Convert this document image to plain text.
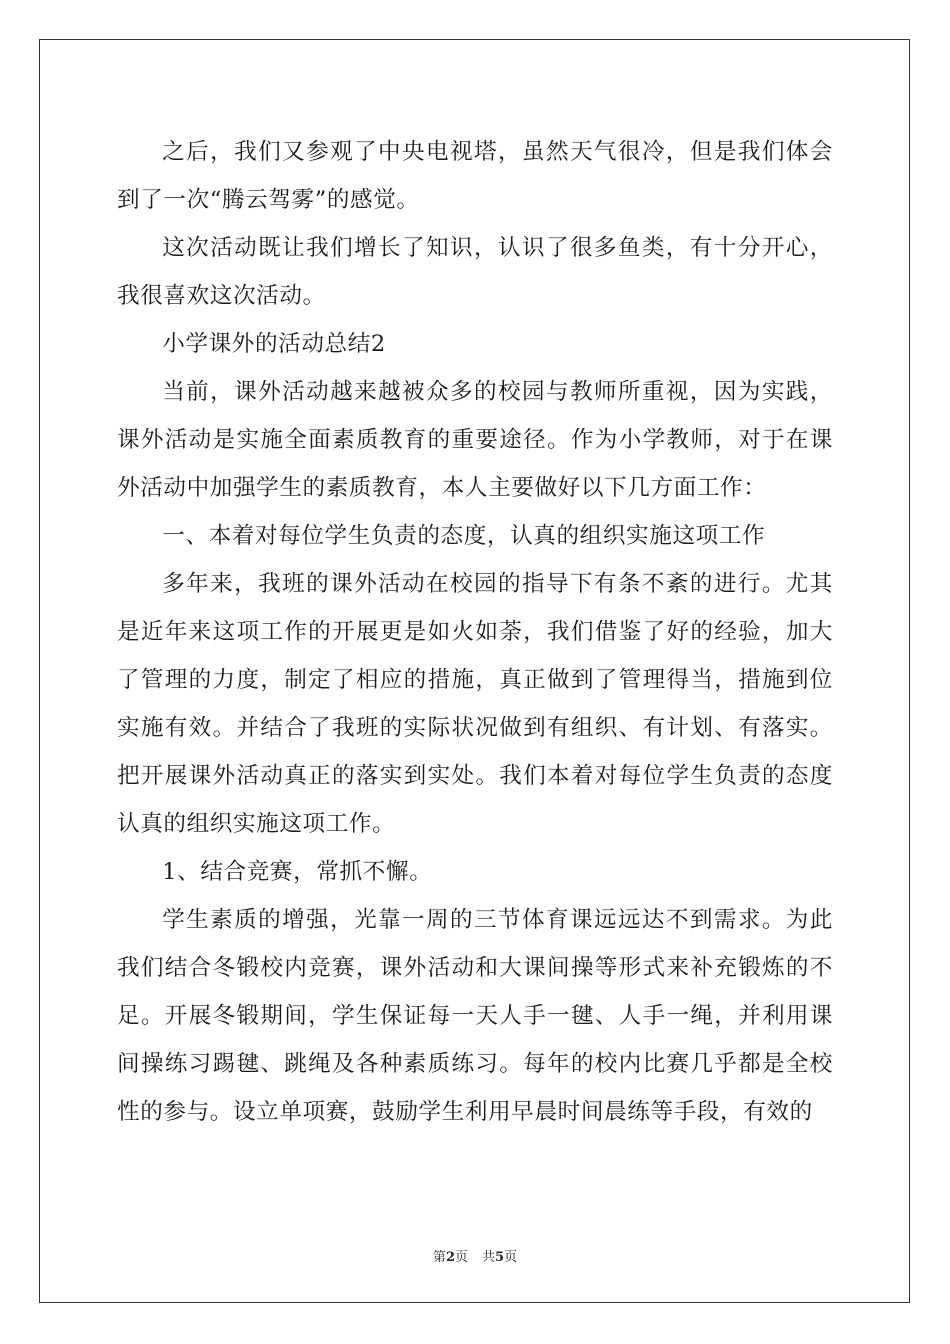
之后，我们又参观了中央电视塔，虽然天气很冷，但是我们体会到了一次“腾云驾雾”的感觉。

这次活动既让我们增长了知识，认识了很多鱼类，有十分开心，我很喜欢这次活动。

小学课外的活动总结2

当前，课外活动越来越被众多的校园与教师所重视，因为实践，课外活动是实施全面素质教育的重要途径。作为小学教师，对于在课外活动中加强学生的素质教育，本人主要做好以下几方面工作：

一、本着对每位学生负责的态度，认真的组织实施这项工作

多年来，我班的课外活动在校园的指导下有条不紊的进行。尤其是近年来这项工作的开展更是如火如荼，我们借鉴了好的经验，加大了管理的力度，制定了相应的措施，真正做到了管理得当，措施到位实施有效。并结合了我班的实际状况做到有组织、有计划、有落实。把开展课外活动真正的落实到实处。我们本着对每位学生负责的态度认真的组织实施这项工作。

1、结合竞赛，常抓不懈。

学生素质的增强，光靠一周的三节体育课远远达不到需求。为此我们结合冬锻校内竞赛，课外活动和大课间操等形式来补充锻炼的不足。开展冬锻期间，学生保证每一天人手一毽、人手一绳，并利用课间操练习踢毽、跳绳及各种素质练习。每年的校内比赛几乎都是全校性的参与。设立单项赛，鼓励学生利用早晨时间晨练等手段，有效的

第2页 共5页
